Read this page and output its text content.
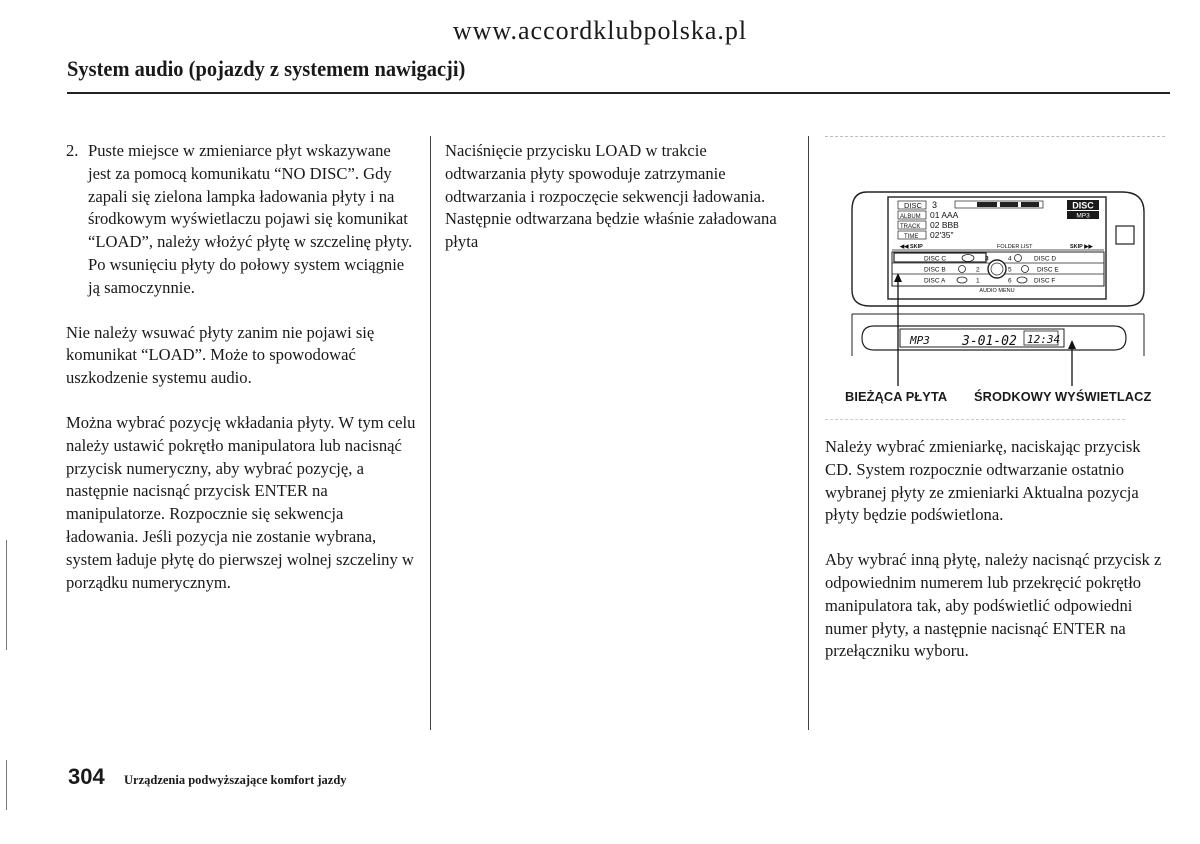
www.accordklubpolska.pl
System audio (pojazdy z systemem nawigacji)
2. Puste miejsce w zmieniarce płyt wskazywane jest za pomocą komunikatu “NO DISC”. Gdy zapali się zielona lampka ładowania płyty i na środkowym wyświetlaczu pojawi się komunikat “LOAD”, należy włożyć płytę w szczelinę płyty. Po wsunięciu płyty do połowy system wciągnie ją samoczynnie.

Nie należy wsuwać płyty zanim nie pojawi się komunikat “LOAD”. Może to spowodować uszkodzenie systemu audio.

Można wybrać pozycję wkładania płyty. W tym celu należy ustawić pokrętło manipulatora lub nacisnąć przycisk numeryczny, aby wybrać pozycję, a następnie nacisnąć przycisk ENTER na manipulatorze. Rozpocznie się sekwencja ładowania. Jeśli pozycja nie zostanie wybrana, system ładuje płytę do pierwszej wolnej szczeliny w porządku numerycznym.

Naciśnięcie przycisku LOAD w trakcie odtwarzania płyty spowoduje zatrzymanie odtwarzania i rozpoczęcie sekwencji ładowania. Następnie odtwarzana będzie właśnie załadowana płyta

DISC 3
ALBUM 01 AAA
TRACK 02 BBB
TIME 02'35"
DISC
MP3
◀◀ SKIP	FOLDER LIST	SKIP ▶▶
DISC C
DISC B
DISC A
DISC D
DISC E
DISC F
3
2
1
4
5
6
AUDIO MENU
MP3 3-01-02 12:34
BIEŻĄCA PŁYTA ŚRODKOWY WYŚWIETLACZ

Należy wybrać zmieniarkę, naciskając przycisk CD. System rozpocznie odtwarzanie ostatnio wybranej płyty ze zmieniarki Aktualna pozycja płyty będzie podświetlona.

Aby wybrać inną płytę, należy nacisnąć przycisk z odpowiednim numerem lub przekręcić pokrętło manipulatora tak, aby podświetlić odpowiedni numer płyty, a następnie nacisnąć ENTER na przełączniku wyboru.

304 Urządzenia podwyższające komfort jazdy
